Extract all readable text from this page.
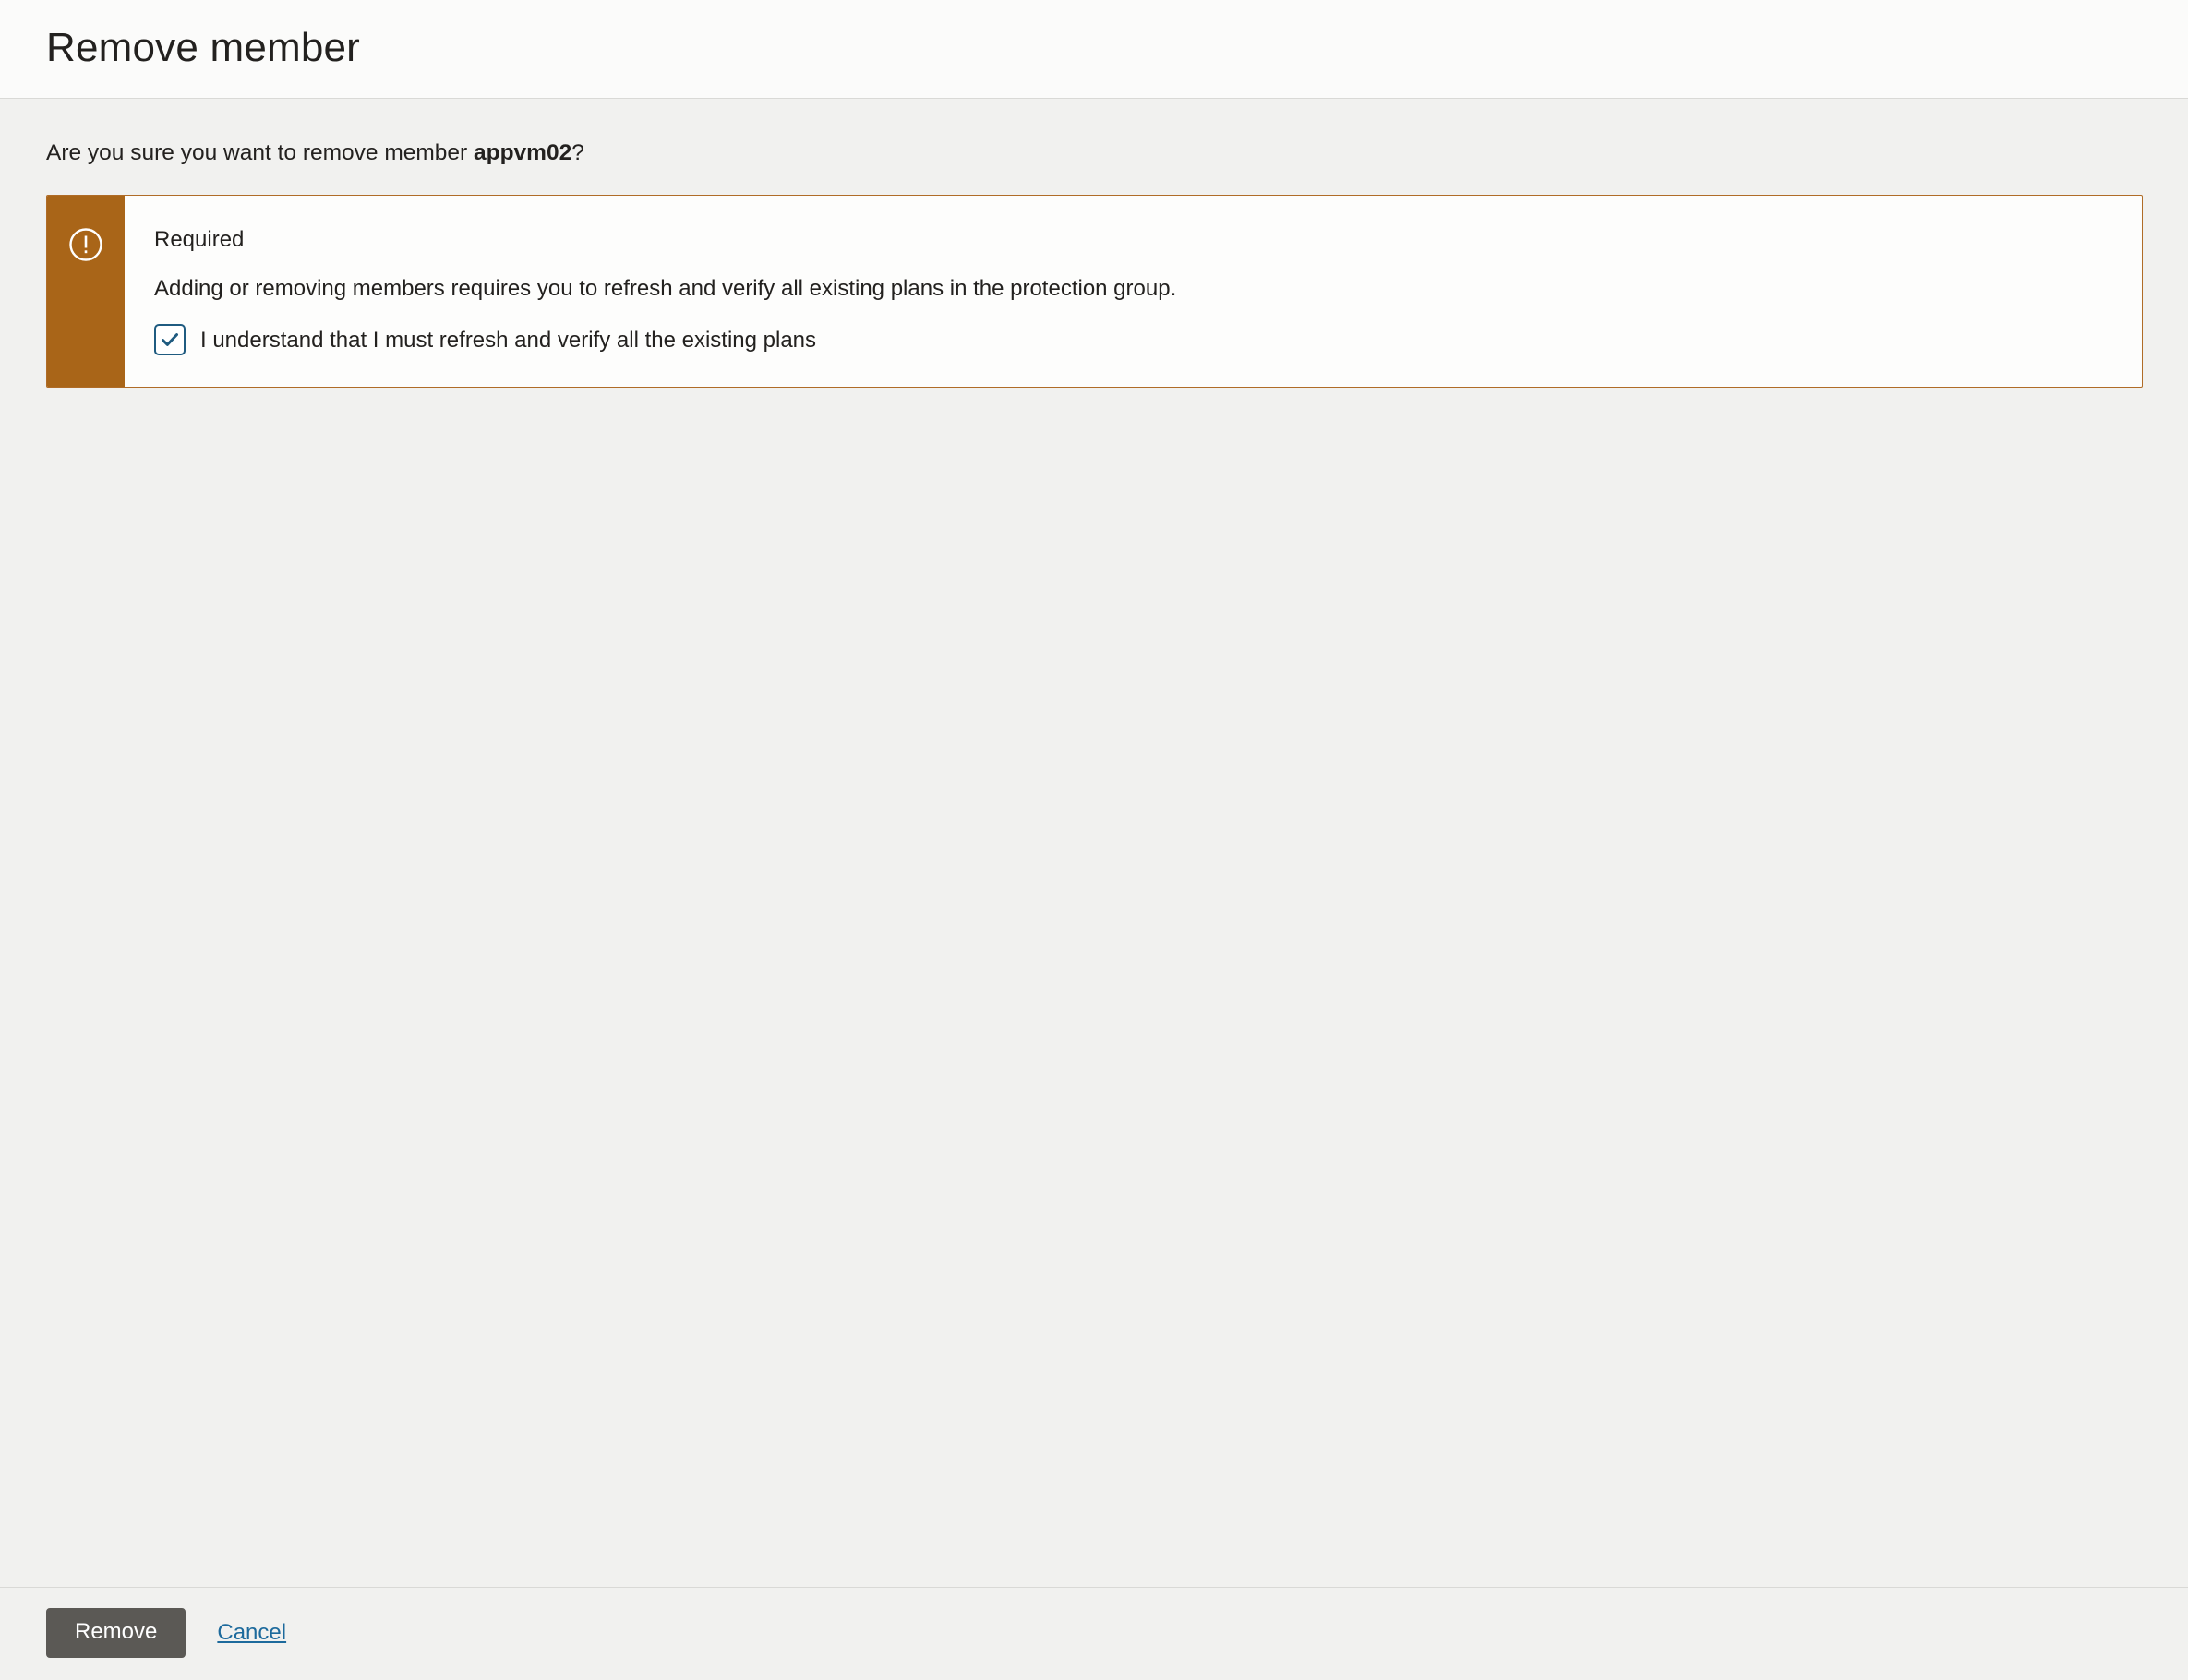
Remove member
Are you sure you want to remove member appvm02?
Required
Adding or removing members requires you to refresh and verify all existing plans in the protection group.
I understand that I must refresh and verify all the existing plans
Remove	Cancel
